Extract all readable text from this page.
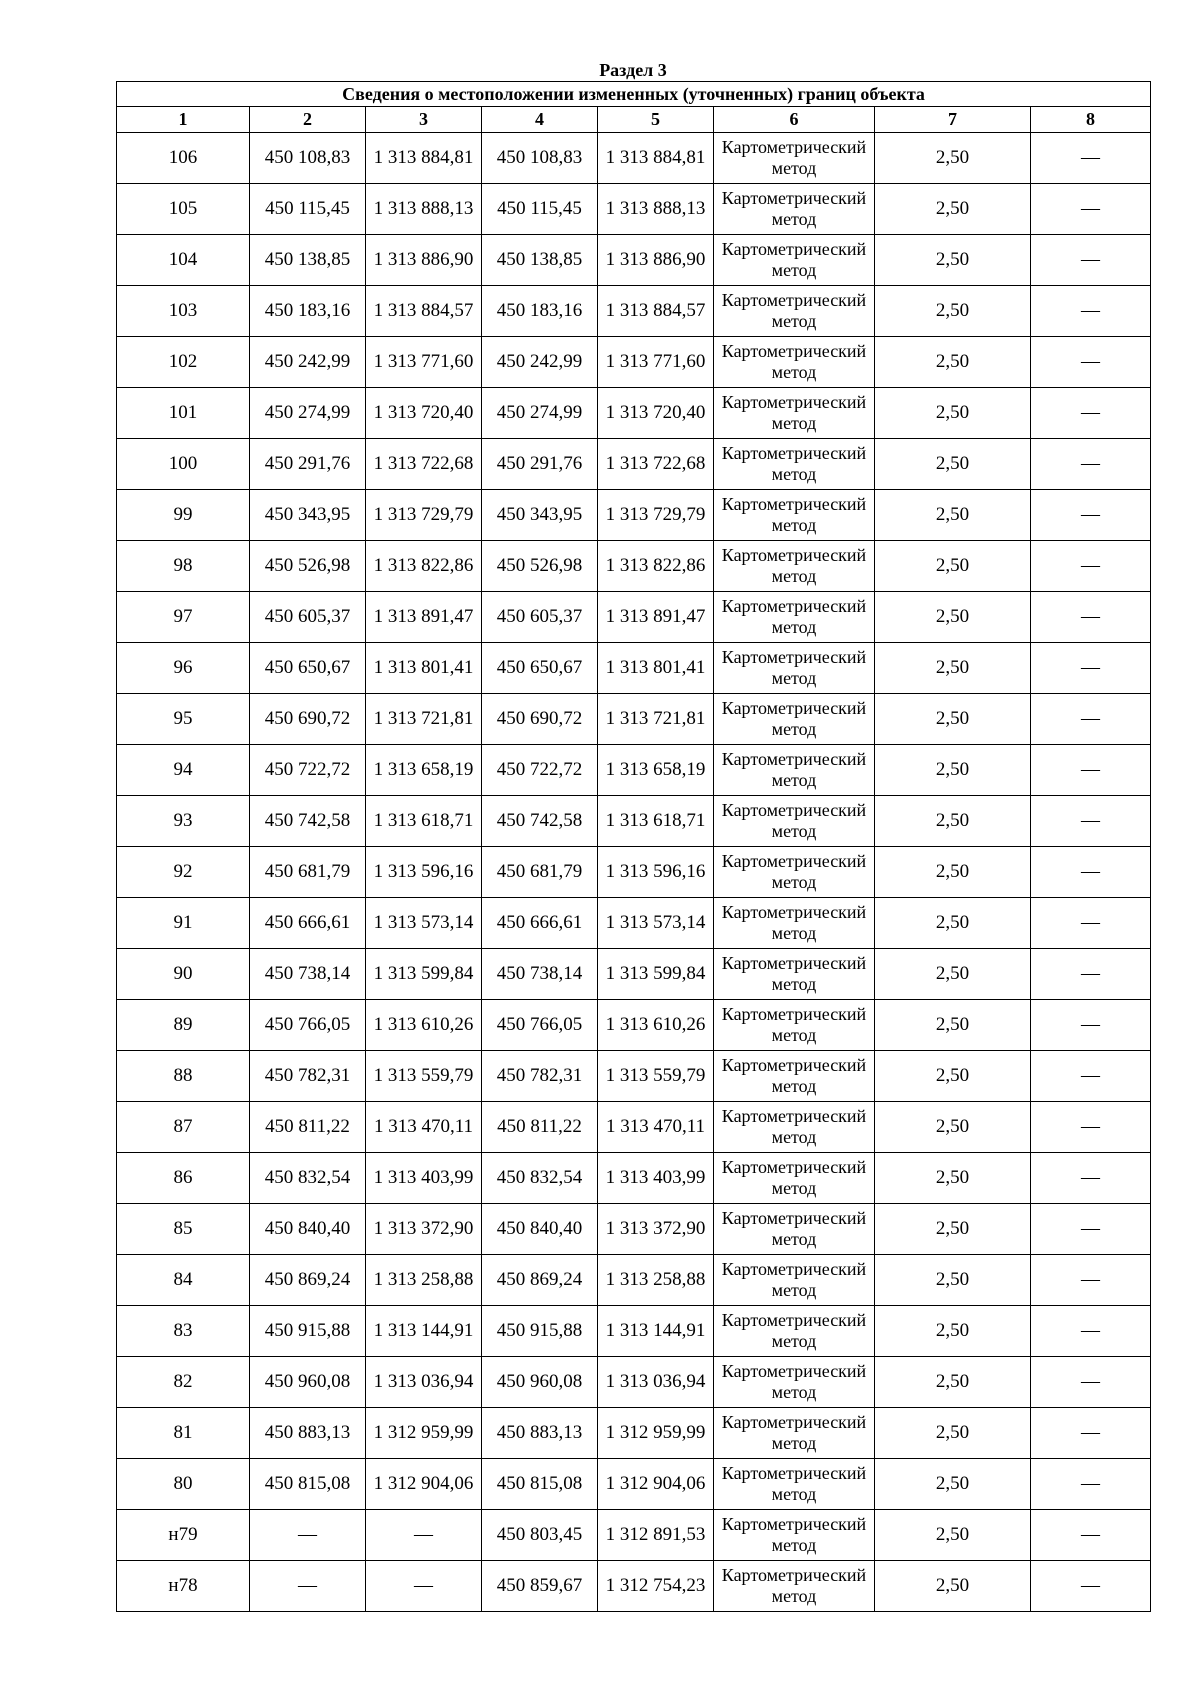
Раздел 3
Сведения о местоположении измененных (уточненных) границ объекта							
1	2	3	4	5	6	7	8
106	450 108,83	1 313 884,81	450 108,83	1 313 884,81	Картометрический метод	2,50	—
105	450 115,45	1 313 888,13	450 115,45	1 313 888,13	Картометрический метод	2,50	—
104	450 138,85	1 313 886,90	450 138,85	1 313 886,90	Картометрический метод	2,50	—
103	450 183,16	1 313 884,57	450 183,16	1 313 884,57	Картометрический метод	2,50	—
102	450 242,99	1 313 771,60	450 242,99	1 313 771,60	Картометрический метод	2,50	—
101	450 274,99	1 313 720,40	450 274,99	1 313 720,40	Картометрический метод	2,50	—
100	450 291,76	1 313 722,68	450 291,76	1 313 722,68	Картометрический метод	2,50	—
99	450 343,95	1 313 729,79	450 343,95	1 313 729,79	Картометрический метод	2,50	—
98	450 526,98	1 313 822,86	450 526,98	1 313 822,86	Картометрический метод	2,50	—
97	450 605,37	1 313 891,47	450 605,37	1 313 891,47	Картометрический метод	2,50	—
96	450 650,67	1 313 801,41	450 650,67	1 313 801,41	Картометрический метод	2,50	—
95	450 690,72	1 313 721,81	450 690,72	1 313 721,81	Картометрический метод	2,50	—
94	450 722,72	1 313 658,19	450 722,72	1 313 658,19	Картометрический метод	2,50	—
93	450 742,58	1 313 618,71	450 742,58	1 313 618,71	Картометрический метод	2,50	—
92	450 681,79	1 313 596,16	450 681,79	1 313 596,16	Картометрический метод	2,50	—
91	450 666,61	1 313 573,14	450 666,61	1 313 573,14	Картометрический метод	2,50	—
90	450 738,14	1 313 599,84	450 738,14	1 313 599,84	Картометрический метод	2,50	—
89	450 766,05	1 313 610,26	450 766,05	1 313 610,26	Картометрический метод	2,50	—
88	450 782,31	1 313 559,79	450 782,31	1 313 559,79	Картометрический метод	2,50	—
87	450 811,22	1 313 470,11	450 811,22	1 313 470,11	Картометрический метод	2,50	—
86	450 832,54	1 313 403,99	450 832,54	1 313 403,99	Картометрический метод	2,50	—
85	450 840,40	1 313 372,90	450 840,40	1 313 372,90	Картометрический метод	2,50	—
84	450 869,24	1 313 258,88	450 869,24	1 313 258,88	Картометрический метод	2,50	—
83	450 915,88	1 313 144,91	450 915,88	1 313 144,91	Картометрический метод	2,50	—
82	450 960,08	1 313 036,94	450 960,08	1 313 036,94	Картометрический метод	2,50	—
81	450 883,13	1 312 959,99	450 883,13	1 312 959,99	Картометрический метод	2,50	—
80	450 815,08	1 312 904,06	450 815,08	1 312 904,06	Картометрический метод	2,50	—
н79	—	—	450 803,45	1 312 891,53	Картометрический метод	2,50	—
н78	—	—	450 859,67	1 312 754,23	Картометрический метод	2,50	—
